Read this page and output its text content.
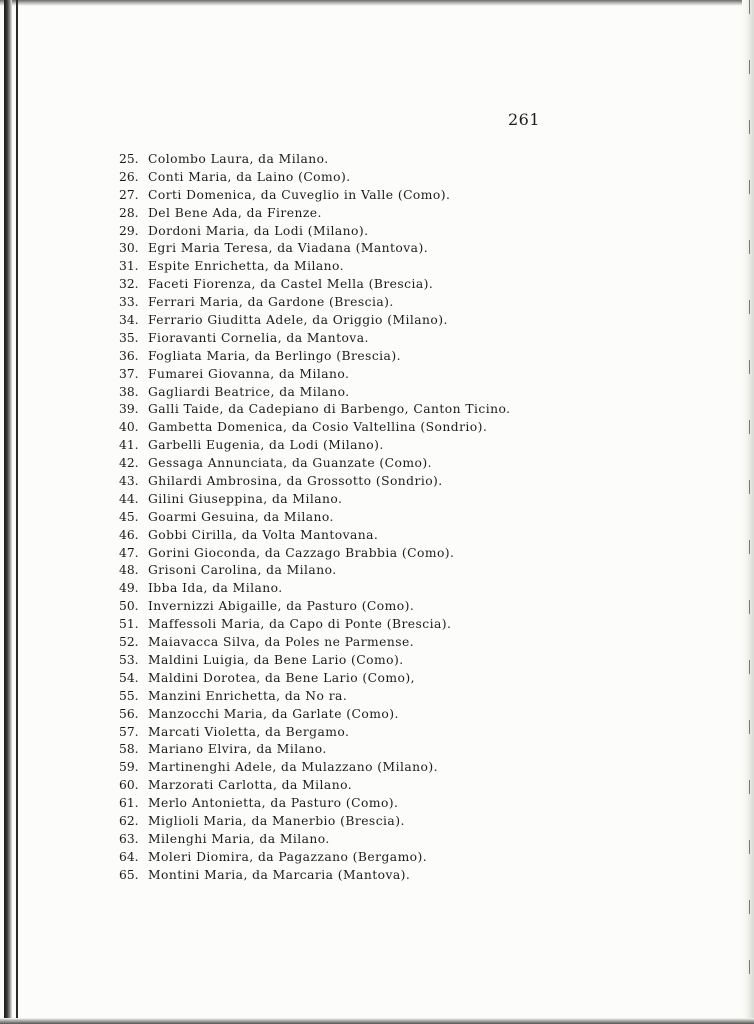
261
25. Colombo Laura, da Milano.
26. Conti Maria, da Laino (Como).
27. Corti Domenica, da Cuveglio in Valle (Como).
28. Del Bene Ada, da Firenze.
29. Dordoni Maria, da Lodi (Milano).
30. Egri Maria Teresa, da Viadana (Mantova).
31. Espite Enrichetta, da Milano.
32. Faceti Fiorenza, da Castel Mella (Brescia).
33. Ferrari Maria, da Gardone (Brescia).
34. Ferrario Giuditta Adele, da Origgio (Milano).
35. Fioravanti Cornelia, da Mantova.
36. Fogliata Maria, da Berlingo (Brescia).
37. Fumarei Giovanna, da Milano.
38. Gagliardi Beatrice, da Milano.
39. Galli Taide, da Cadepiano di Barbengo, Canton Ticino.
40. Gambetta Domenica, da Cosio Valtellina (Sondrio).
41. Garbelli Eugenia, da Lodi (Milano).
42. Gessaga Annunciata, da Guanzate (Como).
43. Ghilardi Ambrosina, da Grossotto (Sondrio).
44. Gilini Giuseppina, da Milano.
45. Goarmi Gesuina, da Milano.
46. Gobbi Cirilla, da Volta Mantovana.
47. Gorini Gioconda, da Cazzago Brabbia (Como).
48. Grisoni Carolina, da Milano.
49. Ibba Ida, da Milano.
50. Invernizzi Abigaille, da Pasturo (Como).
51. Maffessoli Maria, da Capo di Ponte (Brescia).
52. Maiavacca Silva, da Poles ne Parmense.
53. Maldini Luigia, da Bene Lario (Como).
54. Maldini Dorotea, da Bene Lario (Como),
55. Manzini Enrichetta, da No ra.
56. Manzocchi Maria, da Garlate (Como).
57. Marcati Violetta, da Bergamo.
58. Mariano Elvira, da Milano.
59. Martinenghi Adele, da Mulazzano (Milano).
60. Marzorati Carlotta, da Milano.
61. Merlo Antonietta, da Pasturo (Como).
62. Miglioli Maria, da Manerbio (Brescia).
63. Milenghi Maria, da Milano.
64. Moleri Diomira, da Pagazzano (Bergamo).
65. Montini Maria, da Marcaria (Mantova).
